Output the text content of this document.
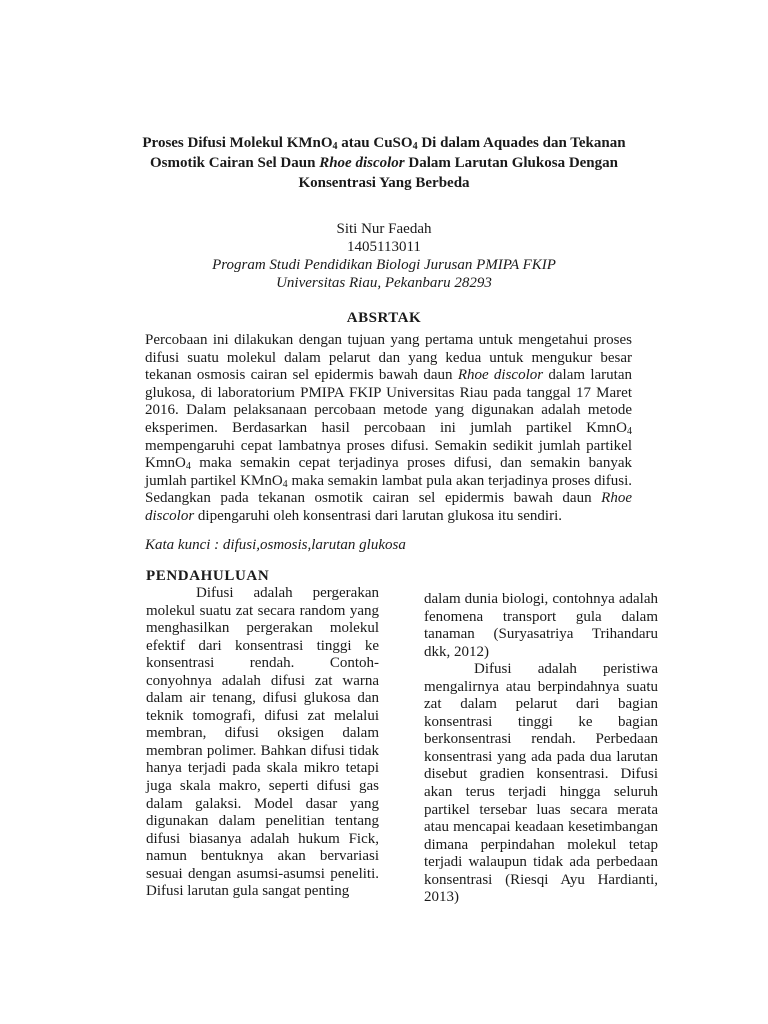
Proses Difusi Molekul KMnO$_4$ atau CuSO$_4$ Di dalam Aquades dan Tekanan Osmotik Cairan Sel Daun Rhoe discolor Dalam Larutan Glukosa Dengan Konsentrasi Yang Berbeda
Siti Nur Faedah
1405113011
Program Studi Pendidikan Biologi Jurusan PMIPA FKIP
Universitas Riau, Pekanbaru 28293
ABSRTAK
Percobaan ini dilakukan dengan tujuan yang pertama untuk mengetahui proses difusi suatu molekul dalam pelarut dan yang kedua untuk mengukur besar tekanan osmosis cairan sel epidermis bawah daun Rhoe discolor dalam larutan glukosa, di laboratorium PMIPA FKIP Universitas Riau pada tanggal 17 Maret 2016. Dalam pelaksanaan percobaan metode yang digunakan adalah metode eksperimen. Berdasarkan hasil percobaan ini jumlah partikel KmnO$_4$ mempengaruhi cepat lambatnya proses difusi. Semakin sedikit jumlah partikel KmnO$_4$ maka semakin cepat terjadinya proses difusi, dan semakin banyak jumlah partikel KMnO$_4$ maka semakin lambat pula akan terjadinya proses difusi. Sedangkan pada tekanan osmotik cairan sel epidermis bawah daun Rhoe discolor dipengaruhi oleh konsentrasi dari larutan glukosa itu sendiri.
Kata kunci : difusi,osmosis,larutan glukosa
PENDAHULUAN

Difusi adalah pergerakan molekul suatu zat secara random yang menghasilkan pergerakan molekul efektif dari konsentrasi tinggi ke konsentrasi rendah. Contoh-conyohnya adalah difusi zat warna dalam air tenang, difusi glukosa dan teknik tomografi, difusi zat melalui membran, difusi oksigen dalam membran polimer. Bahkan difusi tidak hanya terjadi pada skala mikro tetapi juga skala makro, seperti difusi gas dalam galaksi. Model dasar yang digunakan dalam penelitian tentang difusi biasanya adalah hukum Fick, namun bentuknya akan bervariasi sesuai dengan asumsi-asumsi peneliti. Difusi larutan gula sangat penting

dalam dunia biologi, contohnya adalah fenomena transport gula dalam tanaman (Suryasatriya Trihandaru dkk, 2012)

Difusi adalah peristiwa mengalirnya atau berpindahnya suatu zat dalam pelarut dari bagian konsentrasi tinggi ke bagian berkonsentrasi rendah. Perbedaan konsentrasi yang ada pada dua larutan disebut gradien konsentrasi. Difusi akan terus terjadi hingga seluruh partikel tersebar luas secara merata atau mencapai keadaan kesetimbangan dimana perpindahan molekul tetap terjadi walaupun tidak ada perbedaan konsentrasi (Riesqi Ayu Hardianti, 2013)
